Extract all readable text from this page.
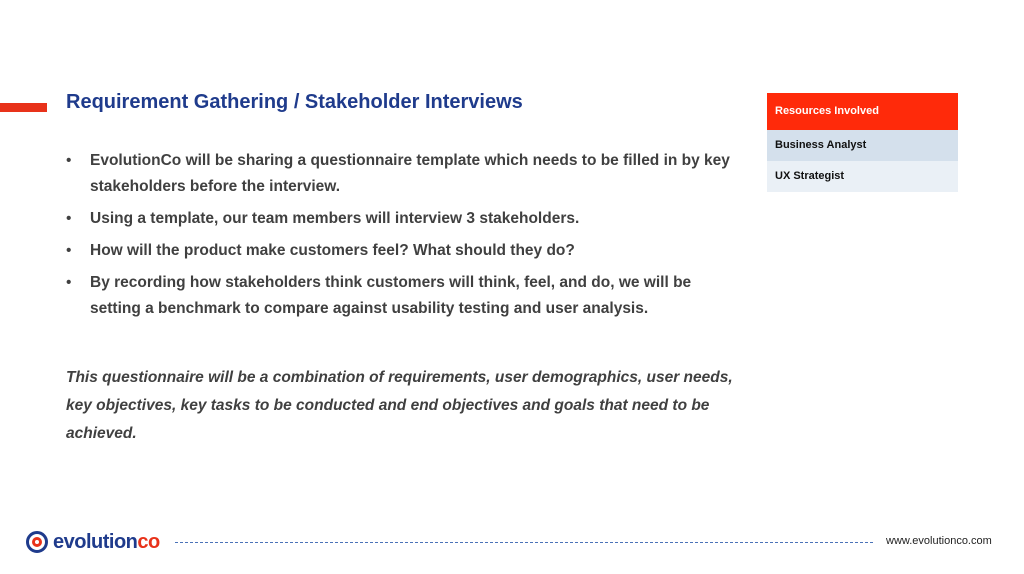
Requirement Gathering / Stakeholder Interviews
• EvolutionCo will be sharing a questionnaire template which needs to be filled in by key stakeholders before the interview.
• Using a template, our team members will interview 3 stakeholders.
• How will the product make customers feel? What should they do?
• By recording how stakeholders think customers will think, feel, and do, we will be setting a benchmark to compare against usability testing and user analysis.

This questionnaire will be a combination of requirements, user demographics, user needs, key objectives, key tasks to be conducted and end objectives and goals that need to be achieved.

Resources Involved
Business Analyst
UX Strategist
evolutionco	www.evolutionco.com
